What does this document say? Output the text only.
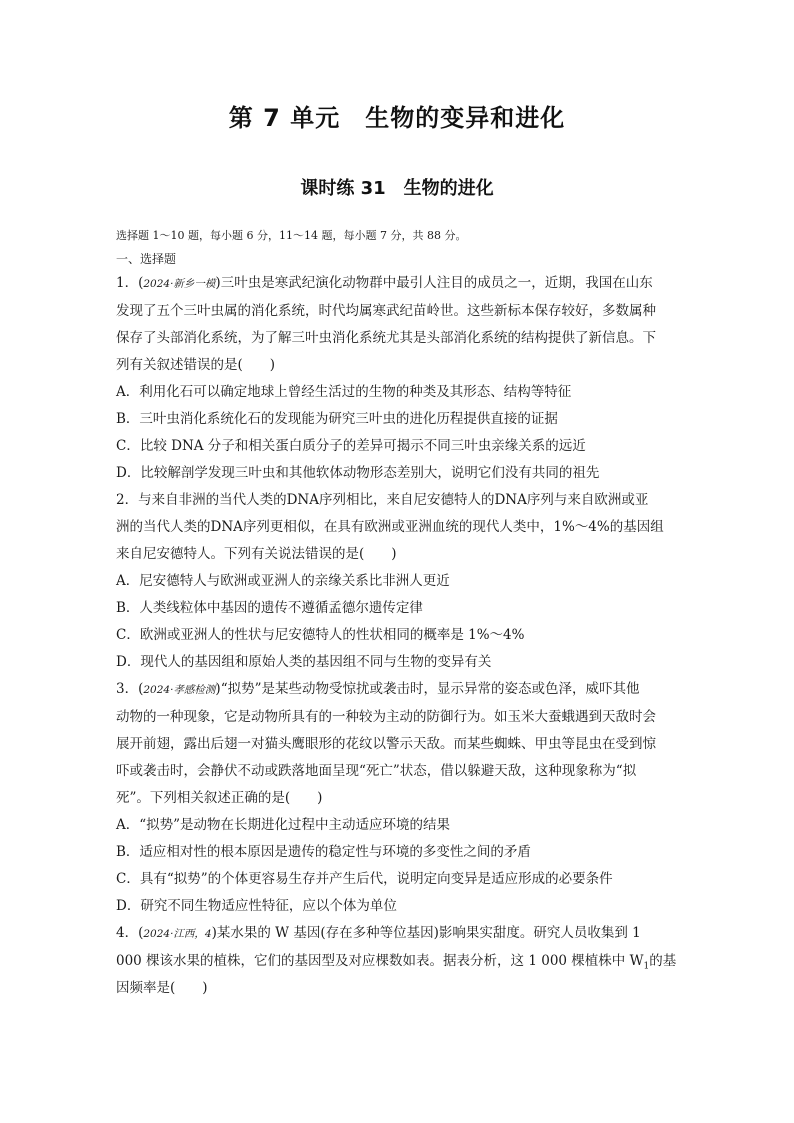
第 7 单元　生物的变异和进化
课时练 31　生物的进化

选择题 1～10 题，每小题 6 分，11～14 题，每小题 7 分，共 88 分。

一、选择题

1．(2024·新乡一模)三叶虫是寒武纪演化动物群中最引人注目的成员之一，近期，我国在山东

发现了五个三叶虫属的消化系统，时代均属寒武纪苗岭世。这些新标本保存较好，多数属种

保存了头部消化系统，为了解三叶虫消化系统尤其是头部消化系统的结构提供了新信息。下

列有关叙述错误的是(　　)

A．利用化石可以确定地球上曾经生活过的生物的种类及其形态、结构等特征

B．三叶虫消化系统化石的发现能为研究三叶虫的进化历程提供直接的证据

C．比较 DNA 分子和相关蛋白质分子的差异可揭示不同三叶虫亲缘关系的远近

D．比较解剖学发现三叶虫和其他软体动物形态差别大，说明它们没有共同的祖先

2．与来自非洲的当代人类的DNA序列相比，来自尼安德特人的DNA序列与来自欧洲或亚

洲的当代人类的DNA序列更相似，在具有欧洲或亚洲血统的现代人类中，1%～4%的基因组

来自尼安德特人。下列有关说法错误的是(　　)

A．尼安德特人与欧洲或亚洲人的亲缘关系比非洲人更近

B．人类线粒体中基因的遗传不遵循孟德尔遗传定律

C．欧洲或亚洲人的性状与尼安德特人的性状相同的概率是 1%～4%

D．现代人的基因组和原始人类的基因组不同与生物的变异有关

3．(2024·孝感检测)“拟势”是某些动物受惊扰或袭击时，显示异常的姿态或色泽，威吓其他

动物的一种现象，它是动物所具有的一种较为主动的防御行为。如玉米大蚕蛾遇到天敌时会

展开前翅，露出后翅一对猫头鹰眼形的花纹以警示天敌。而某些蜘蛛、甲虫等昆虫在受到惊

吓或袭击时，会静伏不动或跌落地面呈现“死亡”状态，借以躲避天敌，这种现象称为“拟

死”。下列相关叙述正确的是(　　)

A．“拟势”是动物在长期进化过程中主动适应环境的结果

B．适应相对性的根本原因是遗传的稳定性与环境的多变性之间的矛盾

C．具有“拟势”的个体更容易生存并产生后代，说明定向变异是适应形成的必要条件

D．研究不同生物适应性特征，应以个体为单位

4．(2024·江西，4)某水果的 W 基因(存在多种等位基因)影响果实甜度。研究人员收集到 1

000 棵该水果的植株，它们的基因型及对应棵数如表。据表分析，这 1 000 棵植株中 $W_1$的基

因频率是(　　)
